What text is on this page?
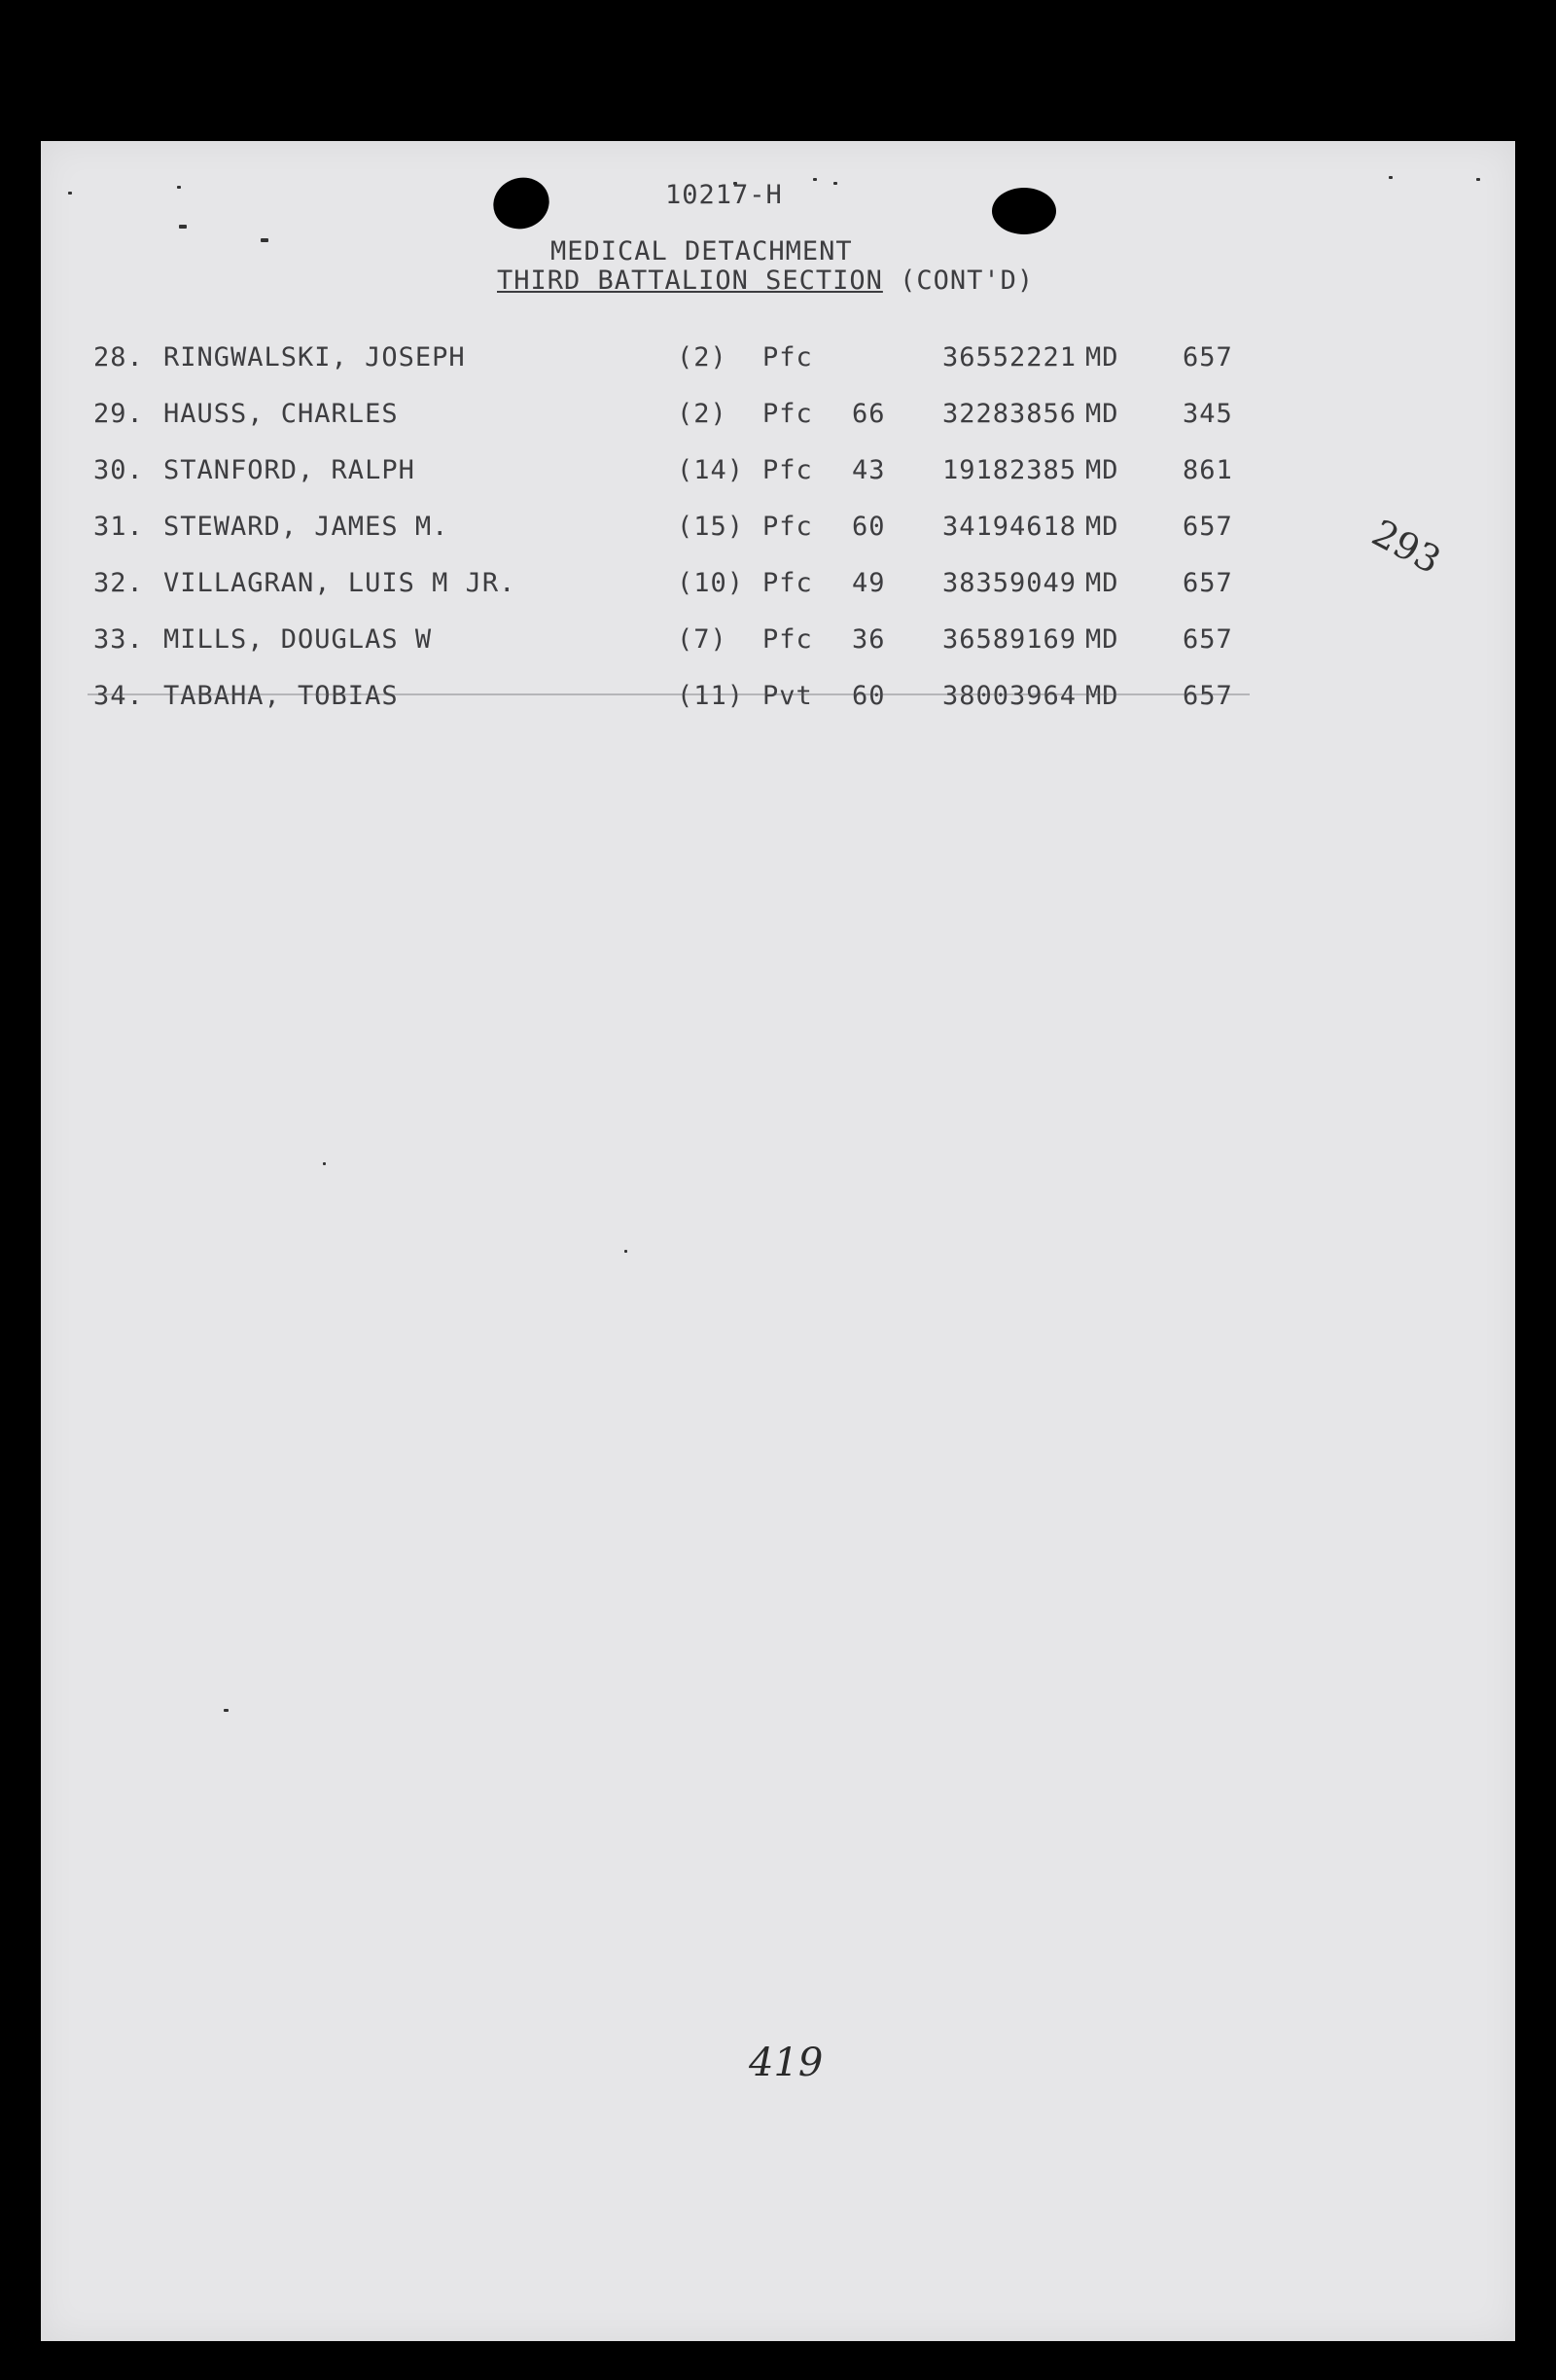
10217-H
MEDICAL DETACHMENT
THIRD BATTALION SECTION (CONT'D)
28. RINGWALSKI, JOSEPH	(2) Pfc	36552221 MD 657
29. HAUSS, CHARLES	(2) Pfc 66 32283856 MD 345
30. STANFORD, RALPH	(14) Pfc 43 19182385 MD 861
31. STEWARD, JAMES M.	(15) Pfc 60 34194618 MD 657
32. VILLAGRAN, LUIS M JR.	(10) Pfc 49 38359049 MD 657
33. MILLS, DOUGLAS W	(7) Pfc 36 36589169 MD 657
34. TABAHA, TOBIAS	(11) Pvt 60 38003964 MD 657
293
419
